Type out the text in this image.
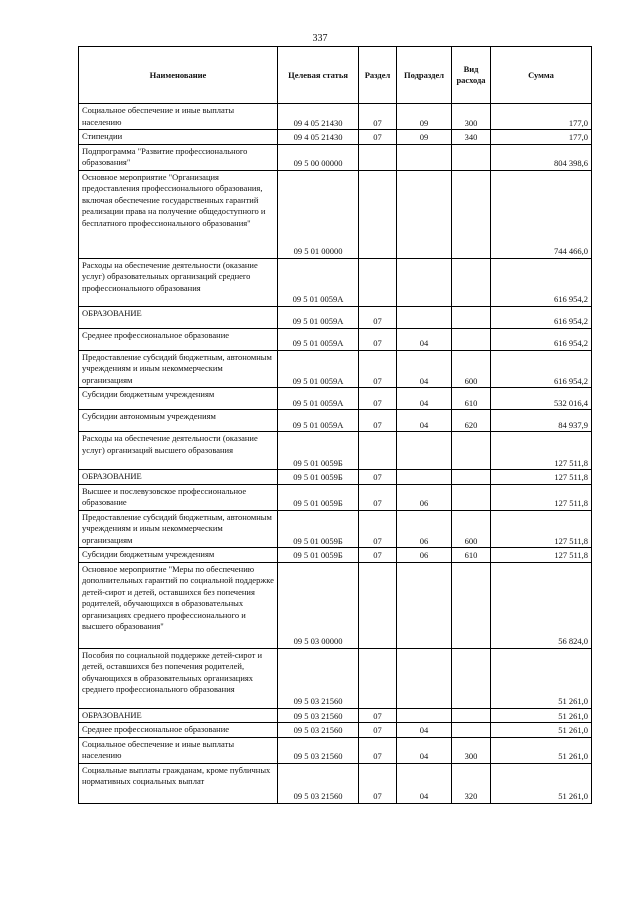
337
Наименование	Целевая статья	Раздел	Подраздел	Вид расхода	Сумма
Социальное обеспечение и иные выплаты населению	09 4 05 21430	07	09	300	177,0
Стипендии	09 4 05 21430	07	09	340	177,0
Подпрограмма "Развитие профессионального образования"	09 5 00 00000				804 398,6
Основное мероприятие "Организация предоставления профессионального образования, включая обеспечение государственных гарантий реализации права на получение общедоступного и бесплатного профессионального образования"	09 5 01 00000				744 466,0
Расходы на обеспечение деятельности (оказание услуг) образовательных организаций среднего профессионального образования	09 5 01 0059А				616 954,2
ОБРАЗОВАНИЕ	09 5 01 0059А	07			616 954,2
Среднее профессиональное образование	09 5 01 0059А	07	04		616 954,2
Предоставление субсидий бюджетным, автономным учреждениям и иным некоммерческим организациям	09 5 01 0059А	07	04	600	616 954,2
Субсидии бюджетным учреждениям	09 5 01 0059А	07	04	610	532 016,4
Субсидии автономным учреждениям	09 5 01 0059А	07	04	620	84 937,9
Расходы на обеспечение деятельности (оказание услуг) организаций высшего образования	09 5 01 0059Б				127 511,8
ОБРАЗОВАНИЕ	09 5 01 0059Б	07			127 511,8
Высшее и послевузовское профессиональное образование	09 5 01 0059Б	07	06		127 511,8
Предоставление субсидий бюджетным, автономным учреждениям и иным некоммерческим организациям	09 5 01 0059Б	07	06	600	127 511,8
Субсидии бюджетным учреждениям	09 5 01 0059Б	07	06	610	127 511,8
Основное мероприятие "Меры по обеспечению дополнительных гарантий по социальной поддержке детей-сирот и детей, оставшихся без попечения родителей, обучающихся в образовательных организациях среднего профессионального и высшего образования"	09 5 03 00000				56 824,0
Пособия по социальной поддержке детей-сирот и детей, оставшихся без попечения родителей, обучающихся в образовательных организациях среднего профессионального образования	09 5 03 21560				51 261,0
ОБРАЗОВАНИЕ	09 5 03 21560	07			51 261,0
Среднее профессиональное образование	09 5 03 21560	07	04		51 261,0
Социальное обеспечение и иные выплаты населению	09 5 03 21560	07	04	300	51 261,0
Социальные выплаты гражданам, кроме публичных нормативных социальных выплат	09 5 03 21560	07	04	320	51 261,0
